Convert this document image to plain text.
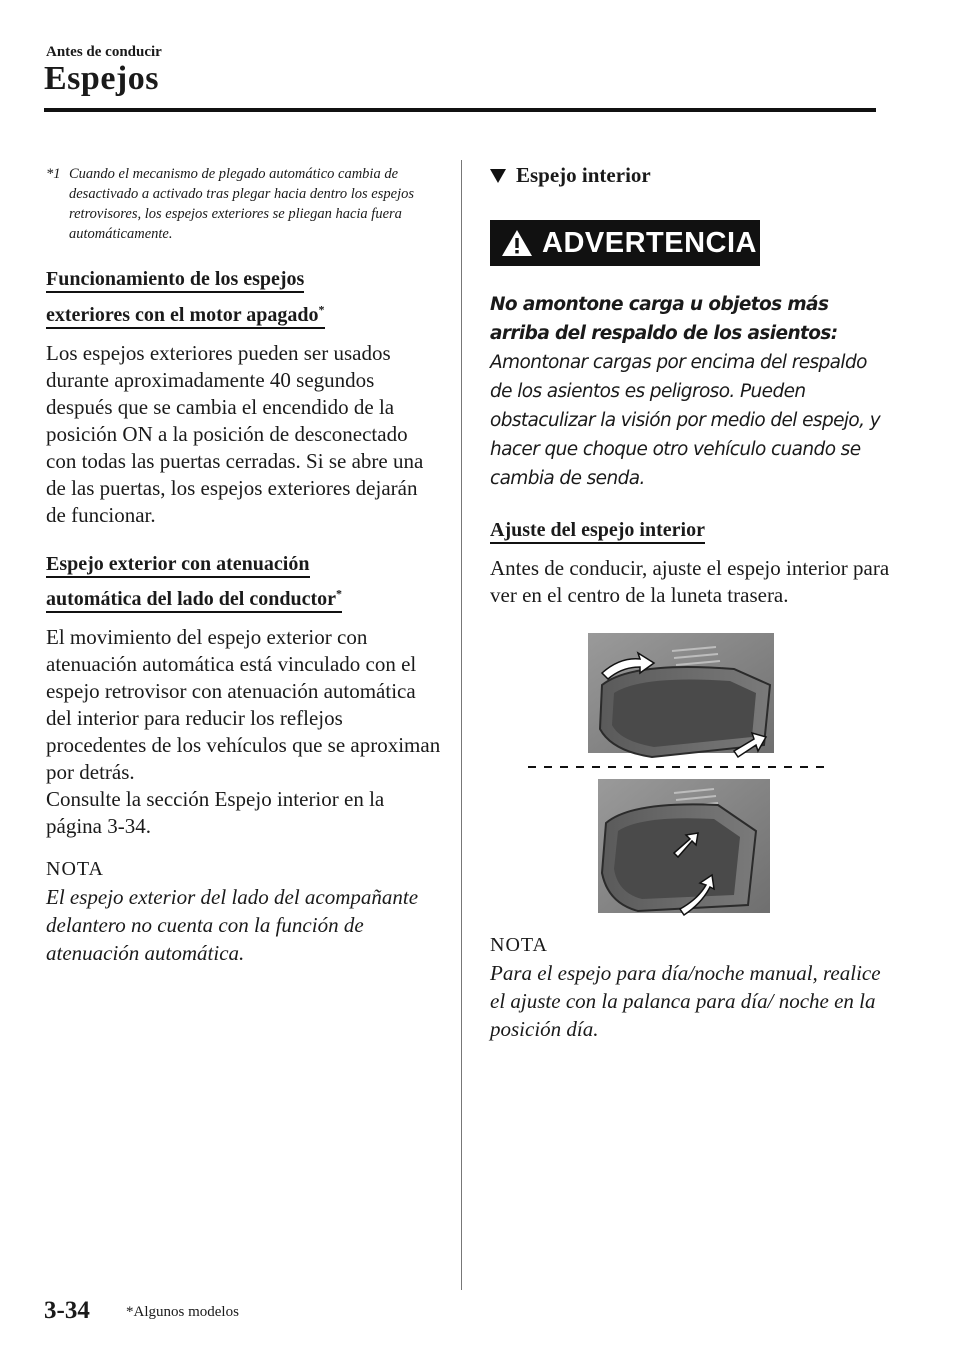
Antes de conducir
Espejos
*1 Cuando el mecanismo de plegado automático cambia de desactivado a activado tras plegar hacia dentro los espejos retrovisores, los espejos exteriores se pliegan hacia fuera automáticamente.
Funcionamiento de los espejos
exteriores con el motor apagado*
Los espejos exteriores pueden ser usados durante aproximadamente 40 segundos después que se cambia el encendido de la posición ON a la posición de desconectado con todas las puertas cerradas. Si se abre una de las puertas, los espejos exteriores dejarán de funcionar.
Espejo exterior con atenuación
automática del lado del conductor*
El movimiento del espejo exterior con atenuación automática está vinculado con el espejo retrovisor con atenuación automática del interior para reducir los reflejos procedentes de los vehículos que se aproximan por detrás.
Consulte la sección Espejo interior en la página 3-34.
NOTA
El espejo exterior del lado del acompañante delantero no cuenta con la función de atenuación automática.
Espejo interior
ADVERTENCIA
No amontone carga u objetos más arriba del respaldo de los asientos:
Amontonar cargas por encima del respaldo de los asientos es peligroso. Pueden obstaculizar la visión por medio del espejo, y hacer que choque otro vehículo cuando se cambia de senda.
Ajuste del espejo interior
Antes de conducir, ajuste el espejo interior para ver en el centro de la luneta trasera.
NOTA
Para el espejo para día/noche manual, realice el ajuste con la palanca para día/ noche en la posición día.
3-34 *Algunos modelos
